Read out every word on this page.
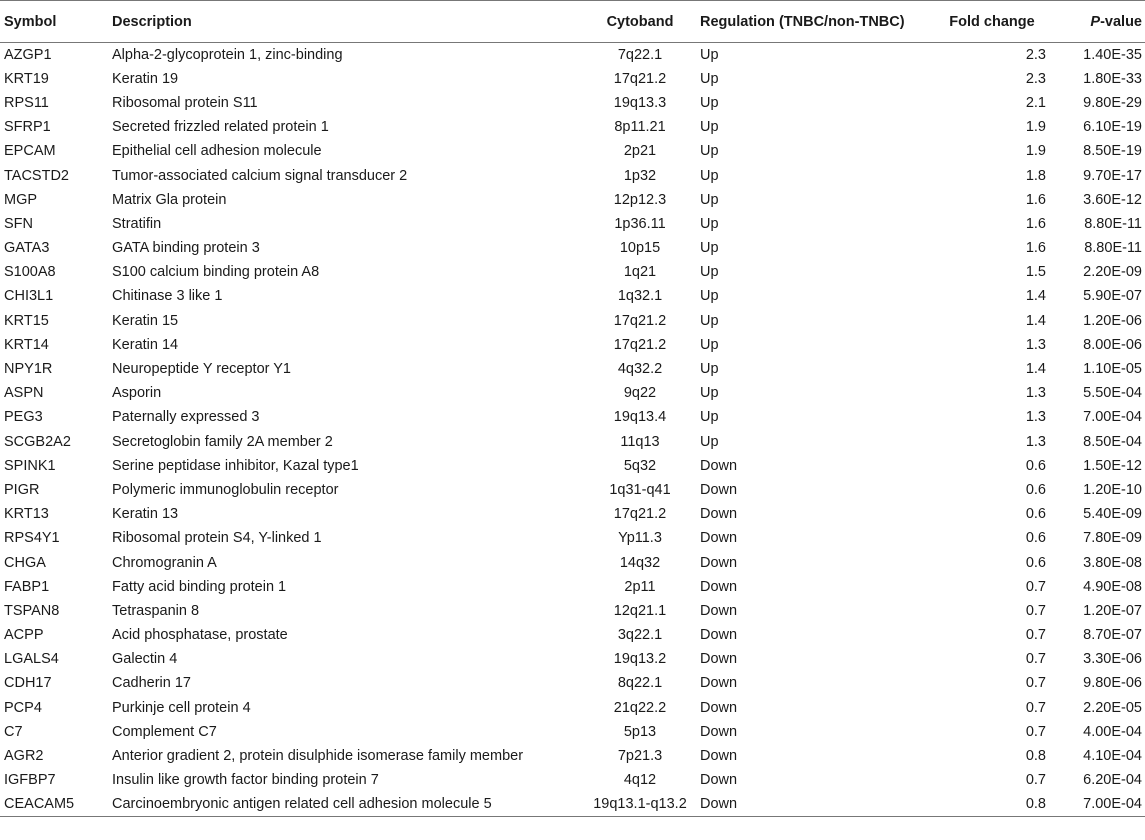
Symbol	Description	Cytoband	Regulation (TNBC/non-TNBC)	Fold change	P-value
AZGP1	Alpha-2-glycoprotein 1, zinc-binding	7q22.1	Up	2.3	1.40E-35
KRT19	Keratin 19	17q21.2	Up	2.3	1.80E-33
RPS11	Ribosomal protein S11	19q13.3	Up	2.1	9.80E-29
SFRP1	Secreted frizzled related protein 1	8p11.21	Up	1.9	6.10E-19
EPCAM	Epithelial cell adhesion molecule	2p21	Up	1.9	8.50E-19
TACSTD2	Tumor-associated calcium signal transducer 2	1p32	Up	1.8	9.70E-17
MGP	Matrix Gla protein	12p12.3	Up	1.6	3.60E-12
SFN	Stratifin	1p36.11	Up	1.6	8.80E-11
GATA3	GATA binding protein 3	10p15	Up	1.6	8.80E-11
S100A8	S100 calcium binding protein A8	1q21	Up	1.5	2.20E-09
CHI3L1	Chitinase 3 like 1	1q32.1	Up	1.4	5.90E-07
KRT15	Keratin 15	17q21.2	Up	1.4	1.20E-06
KRT14	Keratin 14	17q21.2	Up	1.3	8.00E-06
NPY1R	Neuropeptide Y receptor Y1	4q32.2	Up	1.4	1.10E-05
ASPN	Asporin	9q22	Up	1.3	5.50E-04
PEG3	Paternally expressed 3	19q13.4	Up	1.3	7.00E-04
SCGB2A2	Secretoglobin family 2A member 2	11q13	Up	1.3	8.50E-04
SPINK1	Serine peptidase inhibitor, Kazal type1	5q32	Down	0.6	1.50E-12
PIGR	Polymeric immunoglobulin receptor	1q31-q41	Down	0.6	1.20E-10
KRT13	Keratin 13	17q21.2	Down	0.6	5.40E-09
RPS4Y1	Ribosomal protein S4, Y-linked 1	Yp11.3	Down	0.6	7.80E-09
CHGA	Chromogranin A	14q32	Down	0.6	3.80E-08
FABP1	Fatty acid binding protein 1	2p11	Down	0.7	4.90E-08
TSPAN8	Tetraspanin 8	12q21.1	Down	0.7	1.20E-07
ACPP	Acid phosphatase, prostate	3q22.1	Down	0.7	8.70E-07
LGALS4	Galectin 4	19q13.2	Down	0.7	3.30E-06
CDH17	Cadherin 17	8q22.1	Down	0.7	9.80E-06
PCP4	Purkinje cell protein 4	21q22.2	Down	0.7	2.20E-05
C7	Complement C7	5p13	Down	0.7	4.00E-04
AGR2	Anterior gradient 2, protein disulphide isomerase family member	7p21.3	Down	0.8	4.10E-04
IGFBP7	Insulin like growth factor binding protein 7	4q12	Down	0.7	6.20E-04
CEACAM5	Carcinoembryonic antigen related cell adhesion molecule 5	19q13.1-q13.2	Down	0.8	7.00E-04
